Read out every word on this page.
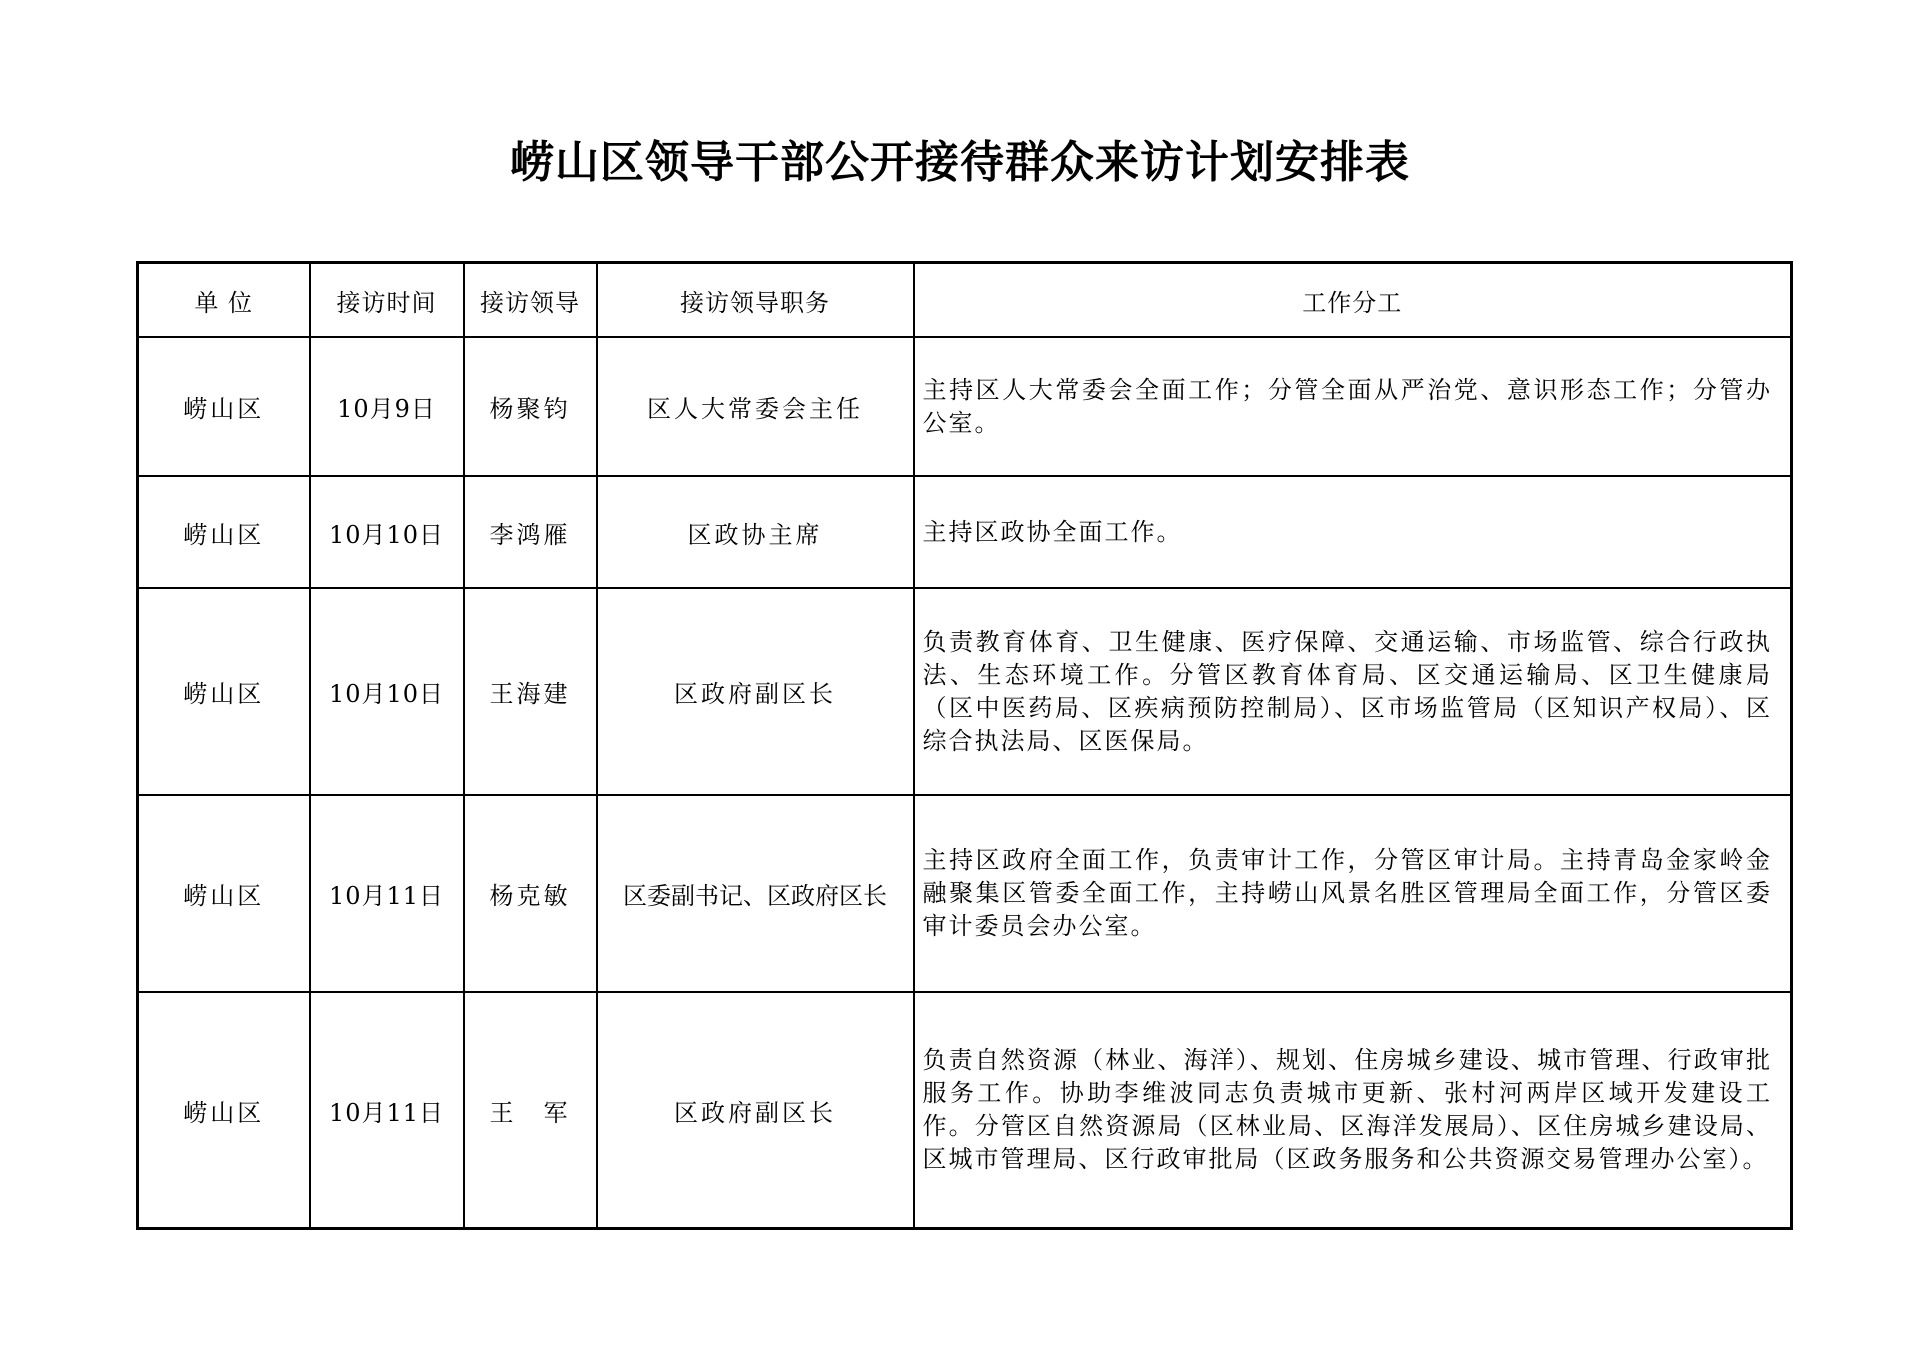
崂山区领导干部公开接待群众来访计划安排表
单 位	接访时间	接访领导	接访领导职务	工作分工
崂山区	10月9日	杨聚钧	区人大常委会主任	主持区人大常委会全面工作；分管全面从严治党、意识形态工作；分管办公室。
崂山区	10月10日	李鸿雁	区政协主席	主持区政协全面工作。
崂山区	10月10日	王海建	区政府副区长	负责教育体育、卫生健康、医疗保障、交通运输、市场监管、综合行政执法、生态环境工作。分管区教育体育局、区交通运输局、区卫生健康局（区中医药局、区疾病预防控制局）、区市场监管局（区知识产权局）、区综合执法局、区医保局。
崂山区	10月11日	杨克敏	区委副书记、区政府区长	主持区政府全面工作，负责审计工作，分管区审计局。主持青岛金家岭金融聚集区管委全面工作，主持崂山风景名胜区管理局全面工作，分管区委审计委员会办公室。
崂山区	10月11日	王　军	区政府副区长	负责自然资源（林业、海洋）、规划、住房城乡建设、城市管理、行政审批服务工作。协助李维波同志负责城市更新、张村河两岸区域开发建设工作。分管区自然资源局（区林业局、区海洋发展局）、区住房城乡建设局、区城市管理局、区行政审批局（区政务服务和公共资源交易管理办公室）。
